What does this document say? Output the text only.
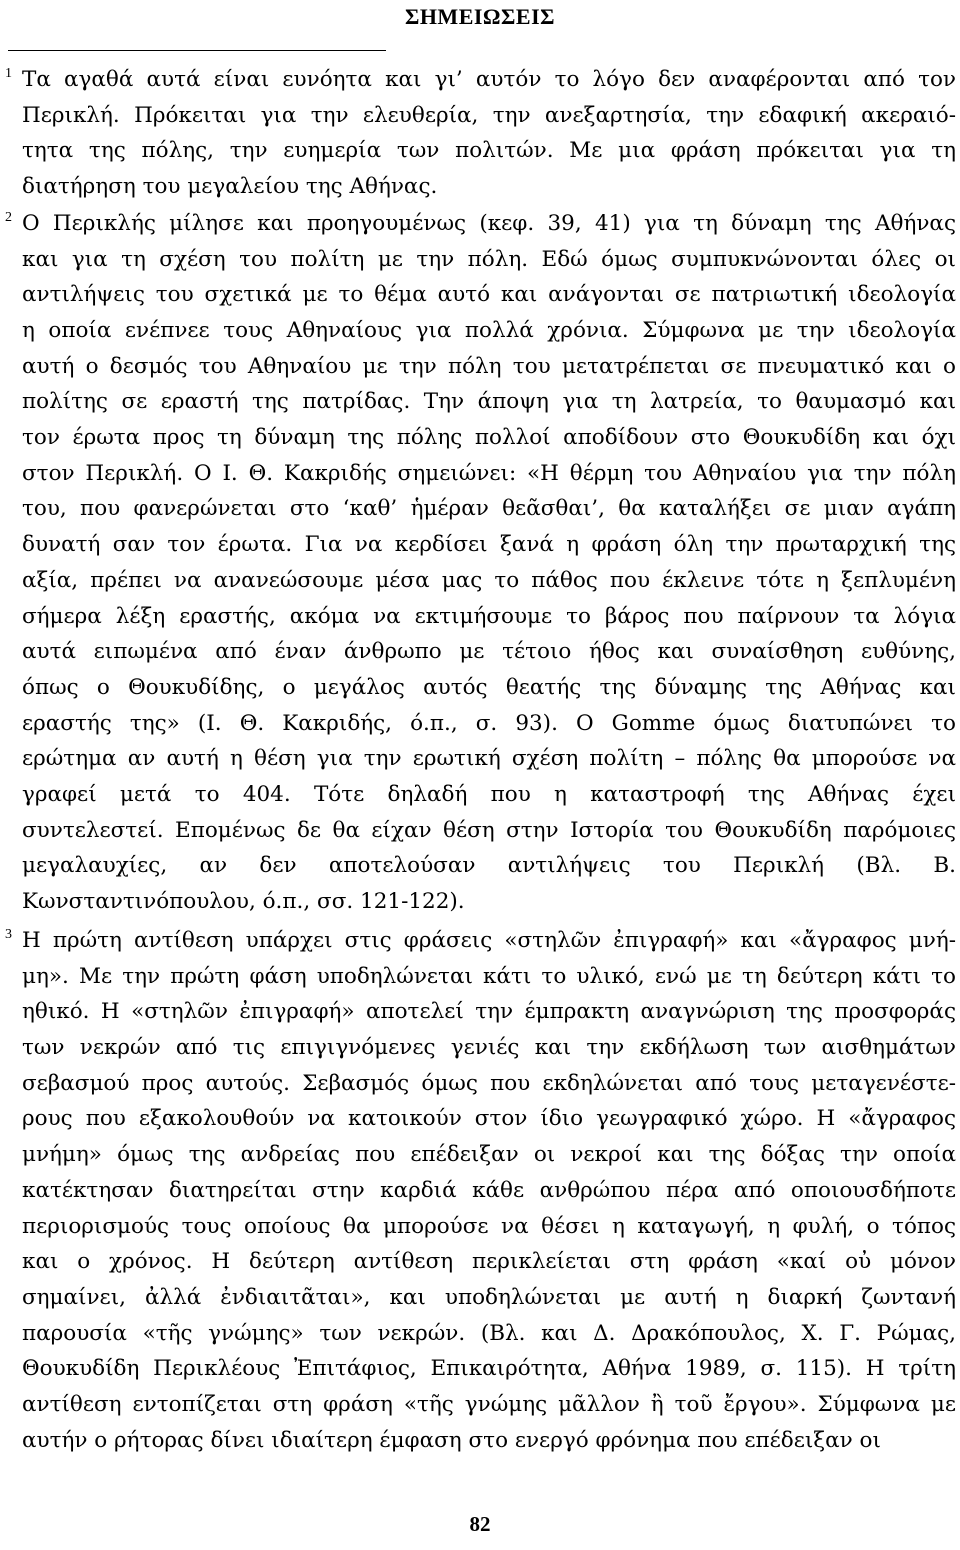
ΣΗΜΕΙΩΣΕΙΣ
1 Τα αγαθά αυτά είναι ευνόητα και γι’ αυτόν το λόγο δεν αναφέρονται από τον
Περικλή. Πρόκειται για την ελευθερία, την ανεξαρτησία, την εδαφική ακεραιό-
τητα της πόλης, την ευημερία των πολιτών. Με μια φράση πρόκειται για τη
διατήρηση του μεγαλείου της Αθήνας.

2 Ο Περικλής μίλησε και προηγουμένως (κεφ. 39, 41) για τη δύναμη της Αθήνας
και για τη σχέση του πολίτη με την πόλη. Εδώ όμως συμπυκνώνονται όλες οι
αντιλήψεις του σχετικά με το θέμα αυτό και ανάγονται σε πατριωτική ιδεολογία
η οποία ενέπνεε τους Αθηναίους για πολλά χρόνια. Σύμφωνα με την ιδεολογία
αυτή ο δεσμός του Αθηναίου με την πόλη του μετατρέπεται σε πνευματικό και ο
πολίτης σε εραστή της πατρίδας. Την άποψη για τη λατρεία, το θαυμασμό και
τον έρωτα προς τη δύναμη της πόλης πολλοί αποδίδουν στο Θουκυδίδη και όχι
στον Περικλή. Ο Ι. Θ. Κακριδής σημειώνει: «Η θέρμη του Αθηναίου για την πόλη
του, που φανερώνεται στο ‘καθ’ ἡμέραν θεᾶσθαι’, θα καταλήξει σε μιαν αγάπη
δυνατή σαν τον έρωτα. Για να κερδίσει ξανά η φράση όλη την πρωταρχική της
αξία, πρέπει να ανανεώσουμε μέσα μας το πάθος που έκλεινε τότε η ξεπλυμένη
σήμερα λέξη εραστής, ακόμα να εκτιμήσουμε το βάρος που παίρνουν τα λόγια
αυτά ειπωμένα από έναν άνθρωπο με τέτοιο ήθος και συναίσθηση ευθύνης,
όπως ο Θουκυδίδης, ο μεγάλος αυτός θεατής της δύναμης της Αθήνας και
εραστής της» (Ι. Θ. Κακριδής, ό.π., σ. 93). Ο Gomme όμως διατυπώνει το
ερώτημα αν αυτή η θέση για την ερωτική σχέση πολίτη – πόλης θα μπορούσε να
γραφεί μετά το 404. Τότε δηλαδή που η καταστροφή της Αθήνας έχει
συντελεστεί. Επομένως δε θα είχαν θέση στην Ιστορία του Θουκυδίδη παρόμοιες
μεγαλαυχίες, αν δεν αποτελούσαν αντιλήψεις του Περικλή (Βλ. Β.
Κωνσταντινόπουλου, ό.π., σσ. 121-122).

3 Η πρώτη αντίθεση υπάρχει στις φράσεις «στηλῶν ἐπιγραφή» και «ἄγραφος μνή-
μη». Με την πρώτη φάση υποδηλώνεται κάτι το υλικό, ενώ με τη δεύτερη κάτι το
ηθικό. Η «στηλῶν ἐπιγραφή» αποτελεί την έμπρακτη αναγνώριση της προσφοράς
των νεκρών από τις επιγιγνόμενες γενιές και την εκδήλωση των αισθημάτων
σεβασμού προς αυτούς. Σεβασμός όμως που εκδηλώνεται από τους μεταγενέστε-
ρους που εξακολουθούν να κατοικούν στον ίδιο γεωγραφικό χώρο. Η «ἄγραφος
μνήμη» όμως της ανδρείας που επέδειξαν οι νεκροί και της δόξας την οποία
κατέκτησαν διατηρείται στην καρδιά κάθε ανθρώπου πέρα από οποιουσδήποτε
περιορισμούς τους οποίους θα μπορούσε να θέσει η καταγωγή, η φυλή, ο τόπος
και ο χρόνος. Η δεύτερη αντίθεση περικλείεται στη φράση «καί οὐ μόνον
σημαίνει, ἀλλά ἐνδιαιτᾶται», και υποδηλώνεται με αυτή η διαρκή ζωντανή
παρουσία «τῆς γνώμης» των νεκρών. (Βλ. και Δ. Δρακόπουλος, Χ. Γ. Ρώμας,
Θουκυδίδη Περικλέους Ἐπιτάφιος, Επικαιρότητα, Αθήνα 1989, σ. 115). Η τρίτη
αντίθεση εντοπίζεται στη φράση «τῆς γνώμης μᾶλλον ἢ τοῦ ἔργου». Σύμφωνα με
αυτήν ο ρήτορας δίνει ιδιαίτερη έμφαση στο ενεργό φρόνημα που επέδειξαν οι

82
